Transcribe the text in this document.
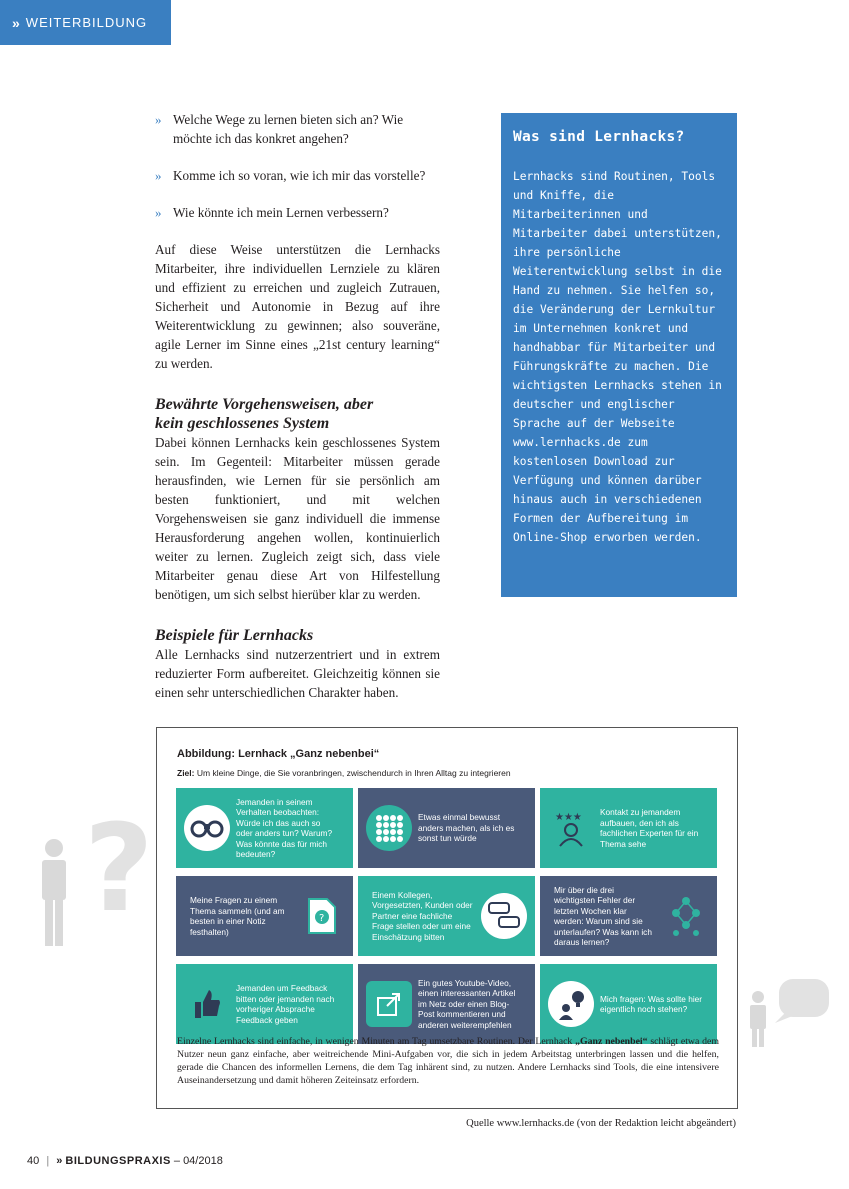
» WEITERBILDUNG
» Welche Wege zu lernen bieten sich an? Wie möchte ich das konkret angehen?
» Komme ich so voran, wie ich mir das vorstelle?
» Wie könnte ich mein Lernen verbessern?

Auf diese Weise unterstützen die Lernhacks Mitarbeiter, ihre individuellen Lernziele zu klären und effizient zu erreichen und zugleich Zutrauen, Sicherheit und Autonomie in Bezug auf ihre Weiterentwicklung zu gewinnen; also souveräne, agile Lerner im Sinne eines „21st century learning“ zu werden.

Bewährte Vorgehensweisen, aber kein geschlossenes System

Dabei können Lernhacks kein geschlossenes System sein. Im Gegenteil: Mitarbeiter müssen gerade herausfinden, wie Lernen für sie persönlich am besten funktioniert, und mit welchen Vorgehensweisen sie ganz individuell die immense Herausforderung angehen wollen, kontinuierlich weiter zu lernen. Zugleich zeigt sich, dass viele Mitarbeiter genau diese Art von Hilfestellung benötigen, um sich selbst hierüber klar zu werden.

Beispiele für Lernhacks

Alle Lernhacks sind nutzerzentriert und in extrem reduzierter Form aufbereitet. Gleichzeitig können sie einen sehr unterschiedlichen Charakter haben.

Was sind Lernhacks?

Lernhacks sind Routinen, Tools und Kniffe, die Mitarbeiterinnen und Mitarbeiter dabei unterstützen, ihre persönliche Weiterentwicklung selbst in die Hand zu nehmen. Sie helfen so, die Veränderung der Lernkultur im Unternehmen konkret und handhabbar für Mitarbeiter und Führungskräfte zu machen. Die wichtigsten Lernhacks stehen in deutscher und englischer Sprache auf der Webseite www.lernhacks.de zum kostenlosen Download zur Verfügung und können darüber hinaus auch in verschiedenen Formen der Aufbereitung im Online-Shop erworben werden.

?
Abbildung: Lernhack „Ganz nebenbei“
Ziel: Um kleine Dinge, die Sie voranbringen, zwischendurch in Ihren Alltag zu integrieren
Jemanden in seinem Verhalten beobachten: Würde ich das auch so oder anders tun? Warum? Was könnte das für mich bedeuten?
Etwas einmal bewusst anders machen, als ich es sonst tun würde
★★★	Kontakt zu jemandem aufbauen, den ich als fachlichen Experten für ein Thema sehe
Meine Fragen zu einem Thema sammeln (und am besten in einer Notiz festhalten)
?
Einem Kollegen, Vorgesetzten, Kunden oder Partner eine fachliche Frage stellen oder um eine Einschätzung bitten
Mir über die drei wichtigsten Fehler der letzten Wochen klar werden: Warum sind sie unterlaufen? Was kann ich daraus lernen?
Jemanden um Feedback bitten oder jemanden nach vorheriger Absprache Feedback geben
Ein gutes Youtube-Video, einen interessanten Artikel im Netz oder einen Blog-Post kommentieren und anderen weiterempfehlen
Mich fragen: Was sollte hier eigentlich noch stehen?
Einzelne Lernhacks sind einfache, in wenigen Minuten am Tag umsetzbare Routinen. Der Lernhack „Ganz nebenbei“ schlägt etwa dem Nutzer neun ganz einfache, aber weitreichende Mini-Aufgaben vor, die sich in jedem Arbeitstag unterbringen lassen und die helfen, gerade die Chancen des informellen Lernens, die dem Tag inhärent sind, zu nutzen. Andere Lernhacks sind Tools, die eine intensivere Auseinandersetzung und damit höheren Zeiteinsatz erfordern.
Quelle www.lernhacks.de (von der Redaktion leicht abgeändert)
40 | » BILDUNGSPRAXIS – 04/2018
